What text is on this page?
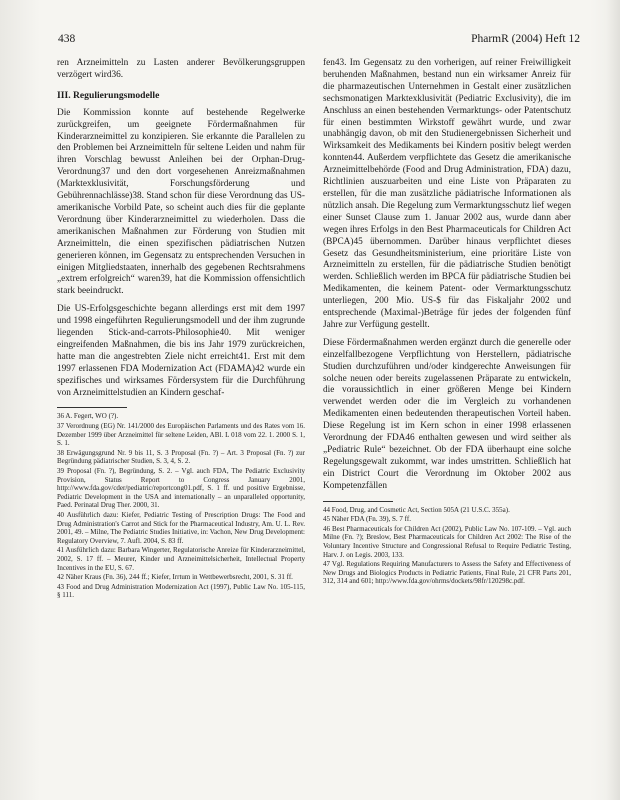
438	PharmR (2004) Heft 12

ren Arzneimitteln zu Lasten anderer Bevölkerungsgruppen verzögert wird36.

III. Regulierungsmodelle

Die Kommission konnte auf bestehende Regelwerke zurückgreifen, um geeignete Fördermaßnahmen für Kinderarzneimittel zu konzipieren. Sie erkannte die Parallelen zu den Problemen bei Arzneimitteln für seltene Leiden und nahm für ihren Vorschlag bewusst Anleihen bei der Orphan-Drug-Verordnung37 und den dort vorgesehenen Anreizmaßnahmen (Marktexklusivität, Forschungsförderung und Gebührennachlässe)38. Stand schon für diese Verordnung das US-amerikanische Vorbild Pate, so scheint auch dies für die geplante Verordnung über Kinderarzneimittel zu wiederholen. Dass die amerikanischen Maßnahmen zur Förderung von Studien mit Arzneimitteln, die einen spezifischen pädiatrischen Nutzen generieren können, im Gegensatz zu entsprechenden Versuchen in einigen Mitgliedstaaten, innerhalb des gegebenen Rechtsrahmens „extrem erfolgreich“ waren39, hat die Kommission offensichtlich stark beeindruckt.

Die US-Erfolgsgeschichte begann allerdings erst mit dem 1997 und 1998 eingeführten Regulierungsmodell und der ihm zugrunde liegenden Stick-and-carrots-Philosophie40. Mit weniger eingreifenden Maßnahmen, die bis ins Jahr 1979 zurückreichen, hatte man die angestrebten Ziele nicht erreicht41. Erst mit dem 1997 erlassenen FDA Modernization Act (FDAMA)42 wurde ein spezifisches und wirksames Fördersystem für die Durchführung von Arzneimittelstudien an Kindern geschaf-

36 A. Fegert, WO (?).
37 Verordnung (EG) Nr. 141/2000 des Europäischen Parlaments und des Rates vom 16. Dezember 1999 über Arzneimittel für seltene Leiden, ABl. L 018 vom 22. 1. 2000 S. 1, S. 1.
38 Erwägungsgrund Nr. 9 bis 11, S. 3 Proposal (Fn. ?) – Art. 3 Proposal (Fn. ?) zur Begründung pädiatrischer Studien, S. 3, 4, S. 2.
39 Proposal (Fn. ?), Begründung, S. 2. – Vgl. auch FDA, The Pediatric Exclusivity Provision, Status Report to Congress January 2001, http://www.fda.gov/cder/pediatric/reportcong01.pdf, S. 1 ff. und positive Ergebnisse, Pediatric Development in the USA and internationally – an unparalleled opportunity, Paed. Perinatal Drug Ther. 2000, 31.
40 Ausführlich dazu: Kiefer, Pediatric Testing of Prescription Drugs: The Food and Drug Administration's Carrot and Stick for the Pharmaceutical Industry, Am. U. L. Rev. 2001, 49. – Milne, The Pediatric Studies Initiative, in: Vachon, New Drug Development: Regulatory Overview, 7. Aufl. 2004, S. 83 ff.
41 Ausführlich dazu: Barbara Wingerter, Regulatorische Anreize für Kinderarzneimittel, 2002, S. 17 ff. – Meurer, Kinder und Arzneimittelsicherheit, Intellectual Property Incentives in the EU, S. 67.
42 Näher Kraus (Fn. 36), 244 ff.; Kiefer, Irrtum in Wettbewerbsrecht, 2001, S. 31 ff.
43 Food and Drug Administration Modernization Act (1997), Public Law No. 105-115, § 111.

fen43. Im Gegensatz zu den vorherigen, auf reiner Freiwilligkeit beruhenden Maßnahmen, bestand nun ein wirksamer Anreiz für die pharmazeutischen Unternehmen in Gestalt einer zusätzlichen sechsmonatigen Marktexklusivität (Pediatric Exclusivity), die im Anschluss an einen bestehenden Vermarktungs- oder Patentschutz für einen bestimmten Wirkstoff gewährt wurde, und zwar unabhängig davon, ob mit den Studienergebnissen Sicherheit und Wirksamkeit des Medikaments bei Kindern positiv belegt werden konnten44. Außerdem verpflichtete das Gesetz die amerikanische Arzneimittelbehörde (Food and Drug Administration, FDA) dazu, Richtlinien auszuarbeiten und eine Liste von Präparaten zu erstellen, für die man zusätzliche pädiatrische Informationen als nützlich ansah. Die Regelung zum Vermarktungsschutz lief wegen einer Sunset Clause zum 1. Januar 2002 aus, wurde dann aber wegen ihres Erfolgs in den Best Pharmaceuticals for Children Act (BPCA)45 übernommen. Darüber hinaus verpflichtet dieses Gesetz das Gesundheitsministerium, eine prioritäre Liste von Arzneimitteln zu erstellen, für die pädiatrische Studien benötigt werden. Schließlich werden im BPCA für pädiatrische Studien bei Medikamenten, die keinem Patent- oder Vermarktungsschutz unterliegen, 200 Mio. US-$ für das Fiskaljahr 2002 und entsprechende (Maximal-)Beträge für jedes der folgenden fünf Jahre zur Verfügung gestellt.

Diese Fördermaßnahmen werden ergänzt durch die generelle oder einzelfallbezogene Verpflichtung von Herstellern, pädiatrische Studien durchzuführen und/oder kindgerechte Anweisungen für solche neuen oder bereits zugelassenen Präparate zu entwickeln, die voraussichtlich in einer größeren Menge bei Kindern verwendet werden oder die im Vergleich zu vorhandenen Medikamenten einen bedeutenden therapeutischen Vorteil haben. Diese Regelung ist im Kern schon in einer 1998 erlassenen Verordnung der FDA46 enthalten gewesen und wird seither als „Pediatric Rule“ bezeichnet. Ob der FDA überhaupt eine solche Regelungsgewalt zukommt, war indes umstritten. Schließlich hat ein District Court die Verordnung im Oktober 2002 aus Kompetenzfällen

44 Food, Drug, and Cosmetic Act, Section 505A (21 U.S.C. 355a).
45 Näher FDA (Fn. 39), S. 7 ff.
46 Best Pharmaceuticals for Children Act (2002), Public Law No. 107-109. – Vgl. auch Milne (Fn. ?); Breslow, Best Pharmaceuticals for Children Act 2002: The Rise of the Voluntary Incentive Structure and Congressional Refusal to Require Pediatric Testing, Harv. J. on Legis. 2003, 133.
47 Vgl. Regulations Requiring Manufacturers to Assess the Safety and Effectiveness of New Drugs and Biologics Products in Pediatric Patients, Final Rule, 21 CFR Parts 201, 312, 314 and 601; http://www.fda.gov/ohrms/dockets/98fr/120298c.pdf.
